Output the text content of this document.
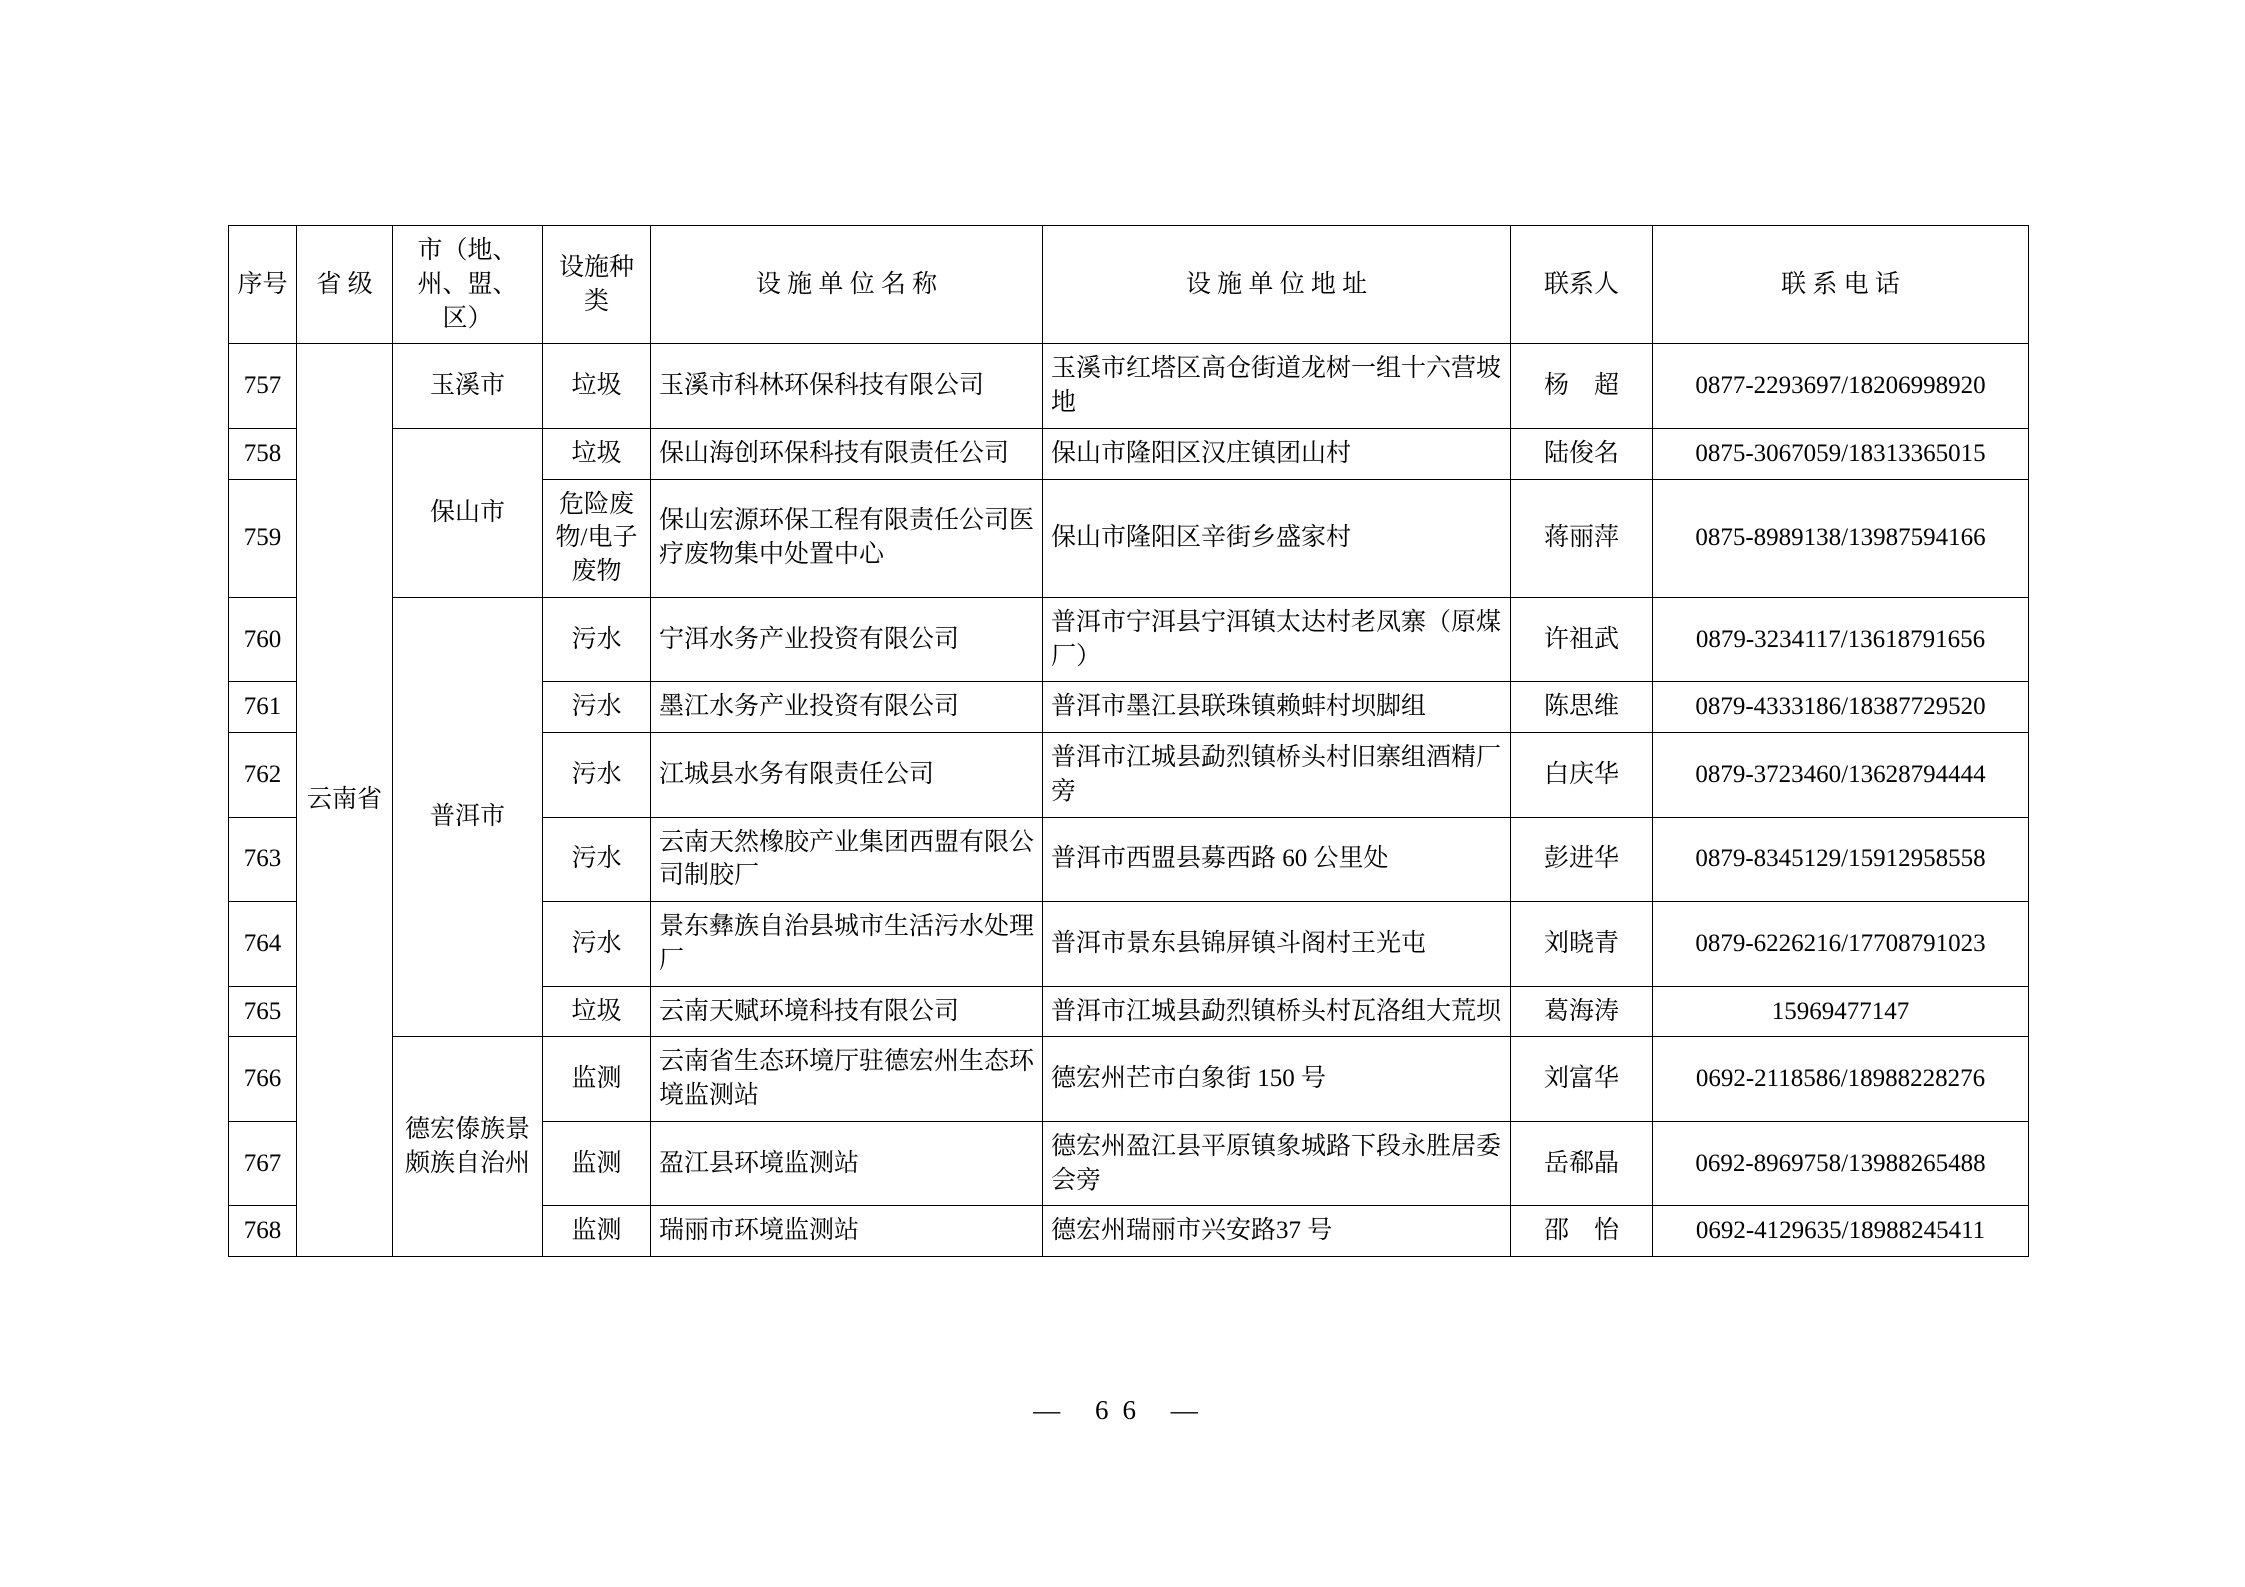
序号	省 级	市（地、州、盟、区）	设施种类	设 施 单 位 名 称	设 施 单 位 地 址	联系人	联 系 电 话
757	云南省	玉溪市	垃圾	玉溪市科林环保科技有限公司	玉溪市红塔区高仓街道龙树一组十六营坡地	杨　超	0877-2293697/18206998920
758		保山市	垃圾	保山海创环保科技有限责任公司	保山市隆阳区汉庄镇团山村	陆俊名	0875-3067059/18313365015
759			危险废物/电子废物	保山宏源环保工程有限责任公司医疗废物集中处置中心	保山市隆阳区辛街乡盛家村	蒋丽萍	0875-8989138/13987594166
760		普洱市	污水	宁洱水务产业投资有限公司	普洱市宁洱县宁洱镇太达村老凤寨（原煤厂）	许祖武	0879-3234117/13618791656
761			污水	墨江水务产业投资有限公司	普洱市墨江县联珠镇赖蚌村坝脚组	陈思维	0879-4333186/18387729520
762			污水	江城县水务有限责任公司	普洱市江城县勐烈镇桥头村旧寨组酒精厂旁	白庆华	0879-3723460/13628794444
763			污水	云南天然橡胶产业集团西盟有限公司制胶厂	普洱市西盟县募西路 60 公里处	彭进华	0879-8345129/15912958558
764			污水	景东彝族自治县城市生活污水处理厂	普洱市景东县锦屏镇斗阁村王光屯	刘晓青	0879-6226216/17708791023
765			垃圾	云南天赋环境科技有限公司	普洱市江城县勐烈镇桥头村瓦洛组大荒坝	葛海涛	15969477147
766		德宏傣族景颇族自治州	监测	云南省生态环境厅驻德宏州生态环境监测站	德宏州芒市白象街 150 号	刘富华	0692-2118586/18988228276
767			监测	盈江县环境监测站	德宏州盈江县平原镇象城路下段永胜居委会旁	岳郗晶	0692-8969758/13988265488
768			监测	瑞丽市环境监测站	德宏州瑞丽市兴安路37 号	邵　怡	0692-4129635/18988245411
— 66 —
